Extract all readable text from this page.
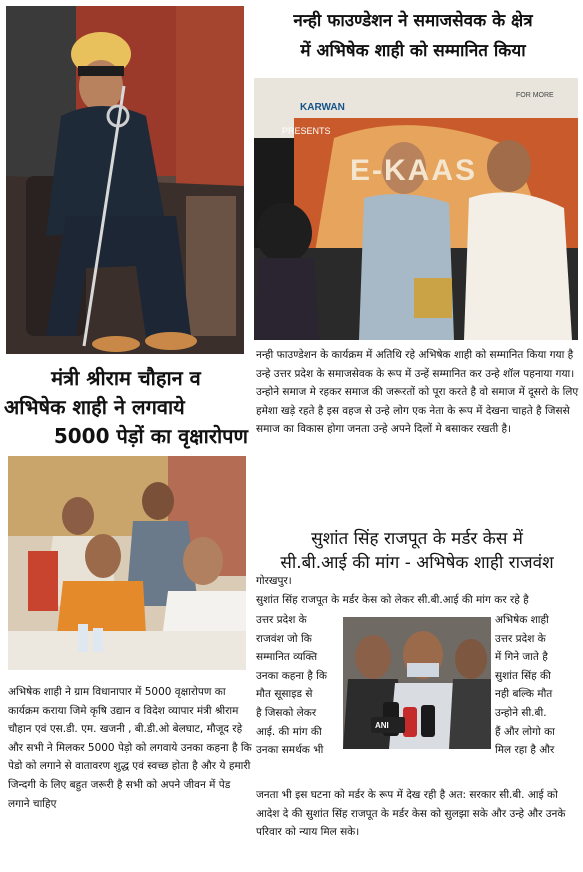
नन्ही फाउण्डेशन ने समाजसेवक के क्षेत्र
में अभिषेक शाही को सम्मानित किया
KARWAN
PRESENTS
E-KAAS
FOR MORE
नन्ही फाउण्डेशन के कार्यक्रम में अतिथि रहे अभिषेक शाही को सम्मानित किया गया है उन्हे उत्तर प्रदेश के समाजसेवक के रूप में उन्हें सम्मानित कर उन्हे शॉल पहनाया गया। उन्होने समाज मे रहकर समाज की जरूरतों को पूरा करते है वो समाज में दूसरो के लिए हमेशा खड़े रहते है इस वहज से उन्हे लोग एक नेता के रूप में देखना चाहते है जिससे समाज का विकास होगा जनता उन्हे अपने दिलों मे बसाकर रखती है।
मंत्री श्रीराम चौहान व
अभिषेक शाही ने लगवाये
5000 पेड़ों का वृक्षारोपण
अभिषेक शाही ने ग्राम विधानापार में 5000 वृक्षारोपण का कार्यक्रम कराया जिमे कृषि उद्यान व विदेश व्यापार मंत्री श्रीराम चौहान एवं एस.डी. एम. खजनी , बी.डी.ओ बेलघाट, मौजूद रहे और सभी ने मिलकर 5000 पेड़ो को लगवाये उनका कहना है कि पेडो को लगाने से वातावरण शुद्ध एवं स्वच्छ होता है और ये हमारी जिन्दगी के लिए बहुत जरूरी है सभी को अपने जीवन में पेड लगाने चाहिए
सुशांत सिंह राजपूत के मर्डर केस में
सी.बी.आई की मांग - अभिषेक शाही राजवंश
गोरखपुर।
सुशांत सिंह राजपूत के मर्डर केस को लेकर सी.बी.आई की मांग कर रहे है
उत्तर प्रदेश के
राजवंश जो कि
सम्मानित व्यक्ति
उनका कहना है कि
मौत सूसाइड से
है जिसको लेकर
आई. की मांग की
उनका समर्थक भी
ANI
अभिषेक शाही
उत्तर प्रदेश के
में गिने जाते है
सुशांत सिंह की
नही बल्कि मौत
उन्होने सी.बी.
हैं और लोगो का
मिल रहा है और
जनता भी इस घटना को मर्डर के रूप में देख रही है अत: सरकार सी.बी. आई को आदेश दे की सुशांत सिंह राजपूत के मर्डर केस को सुलझा सके और उन्हे और उनके परिवार को न्याय मिल सके।
